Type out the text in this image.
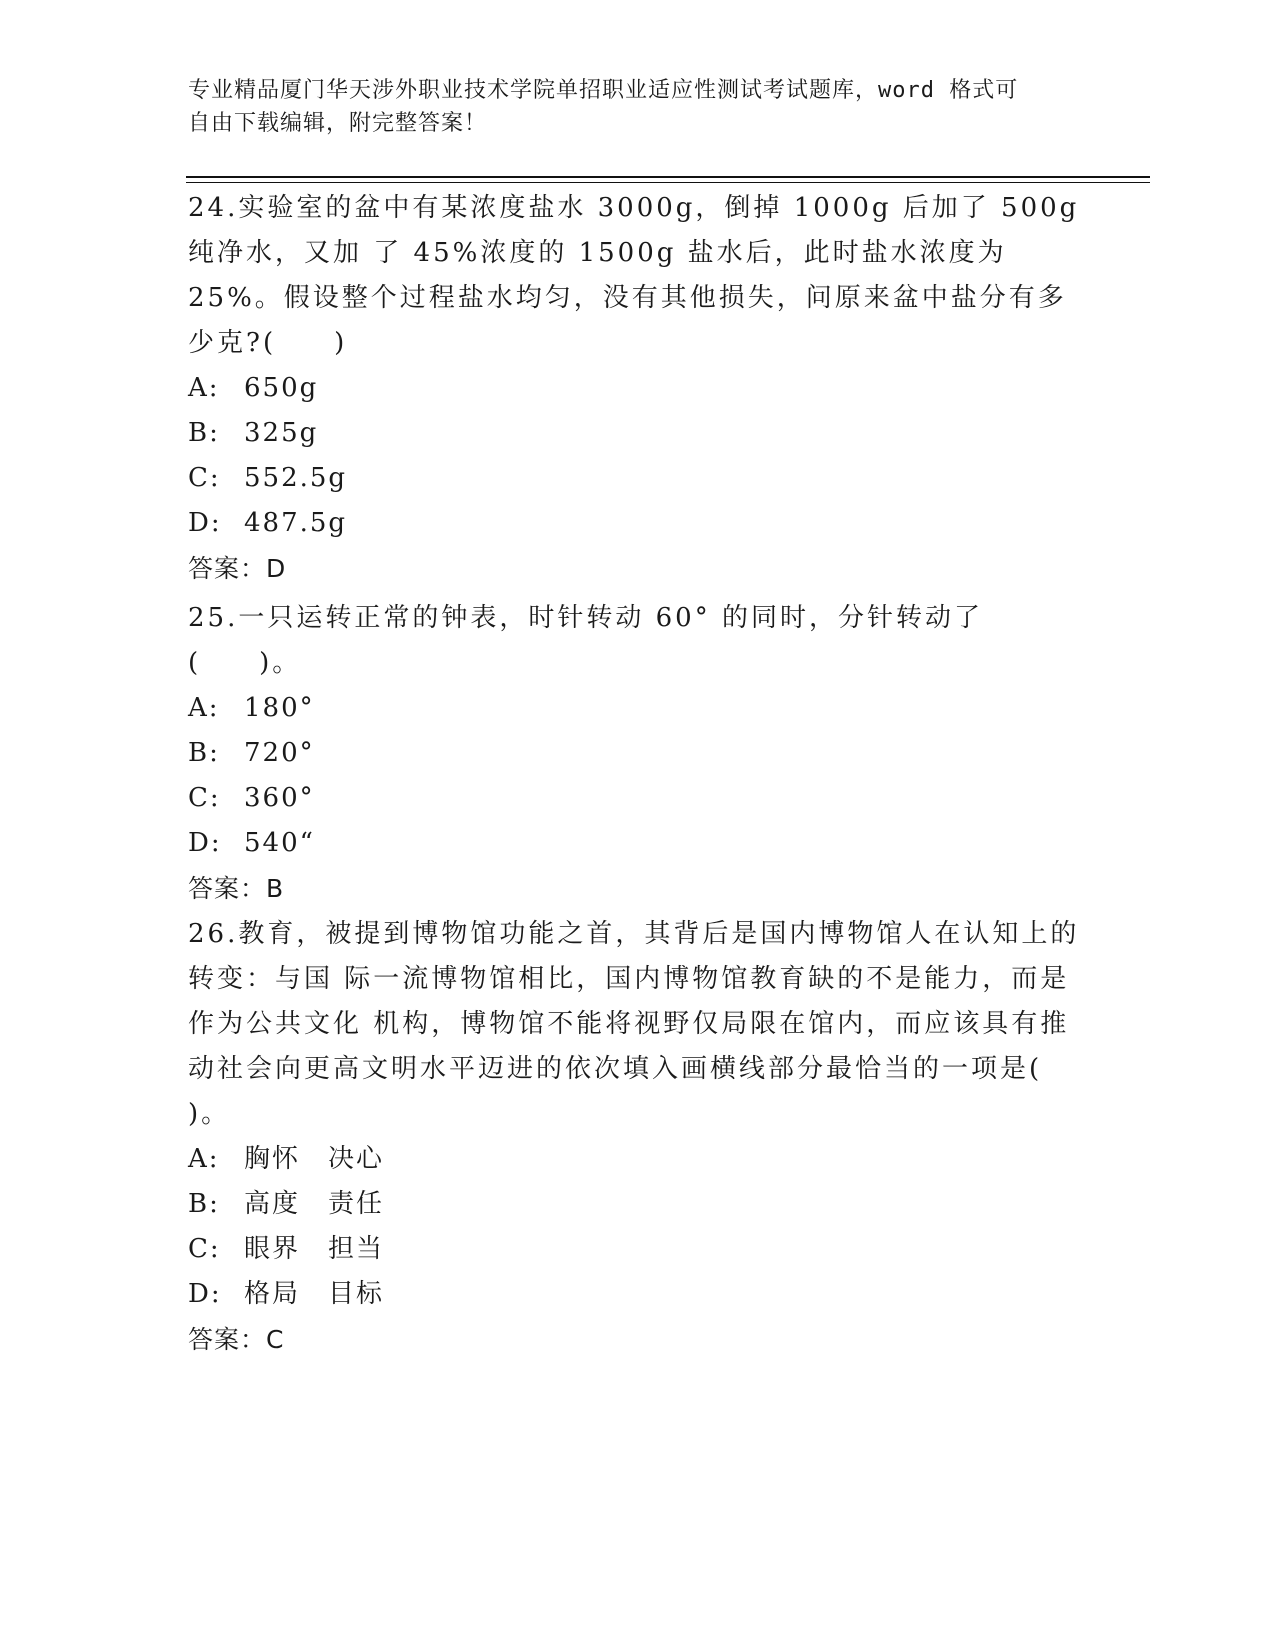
专业精品厦门华天涉外职业技术学院单招职业适应性测试考试题库，word 格式可
自由下载编辑，附完整答案！

24.实验室的盆中有某浓度盐水 3000g，倒掉 1000g 后加了 500g 纯净水，又加 了 45%浓度的 1500g 盐水后，此时盐水浓度为 25%。假设整个过程盐水均匀，没有其他损失，问原来盆中盐分有多少克?(　　)

A: 650g

B: 325g

C: 552.5g

D: 487.5g

答案：D

25.一只运转正常的钟表，时针转动 60° 的同时，分针转动了(　　)。

A: 180°

B: 720°

C: 360°

D: 540“

答案：B

26.教育，被提到博物馆功能之首，其背后是国内博物馆人在认知上的转变：与国 际一流博物馆相比，国内博物馆教育缺的不是能力，而是作为公共文化 机构，博物馆不能将视野仅局限在馆内，而应该具有推动社会向更高文明水平迈进的依次填入画横线部分最恰当的一项是( )。

A: 胸怀　决心

B: 高度　责任

C: 眼界　担当

D: 格局　目标

答案：C
